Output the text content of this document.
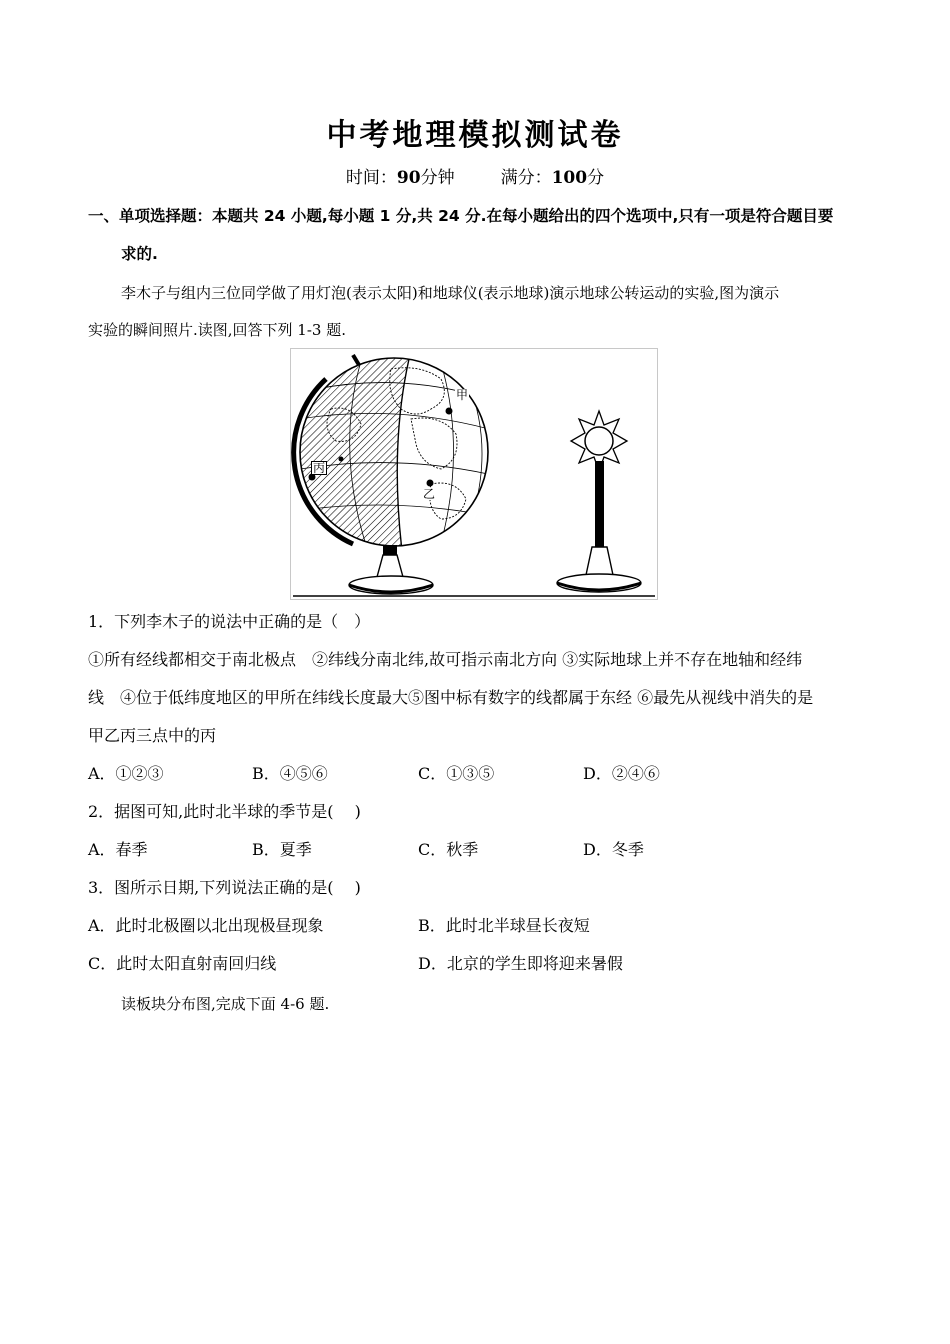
中考地理模拟测试卷
时间：90分钟	满分：100分
一、单项选择题：本题共 24 小题,每小题 1 分,共 24 分.在每小题给出的四个选项中,只有一项是符合题目要
求的.
李木子与组内三位同学做了用灯泡(表示太阳)和地球仪(表示地球)演示地球公转运动的实验,图为演示
实验的瞬间照片.读图,回答下列 1-3 题.
甲
乙
丙
1．下列李木子的说法中正确的是（　）
①所有经线都相交于南北极点　②纬线分南北纬,故可指示南北方向 ③实际地球上并不存在地轴和经纬
线　④位于低纬度地区的甲所在纬线长度最大⑤图中标有数字的线都属于东经 ⑥最先从视线中消失的是
甲乙丙三点中的丙
A．①②③	B．④⑤⑥	C．①③⑤	D．②④⑥
2．据图可知,此时北半球的季节是(　 )
A．春季	B．夏季	C．秋季	D．冬季
3．图所示日期,下列说法正确的是(　 )
A．此时北极圈以北出现极昼现象	B．此时北半球昼长夜短
C．此时太阳直射南回归线	D．北京的学生即将迎来暑假
读板块分布图,完成下面 4-6 题.
